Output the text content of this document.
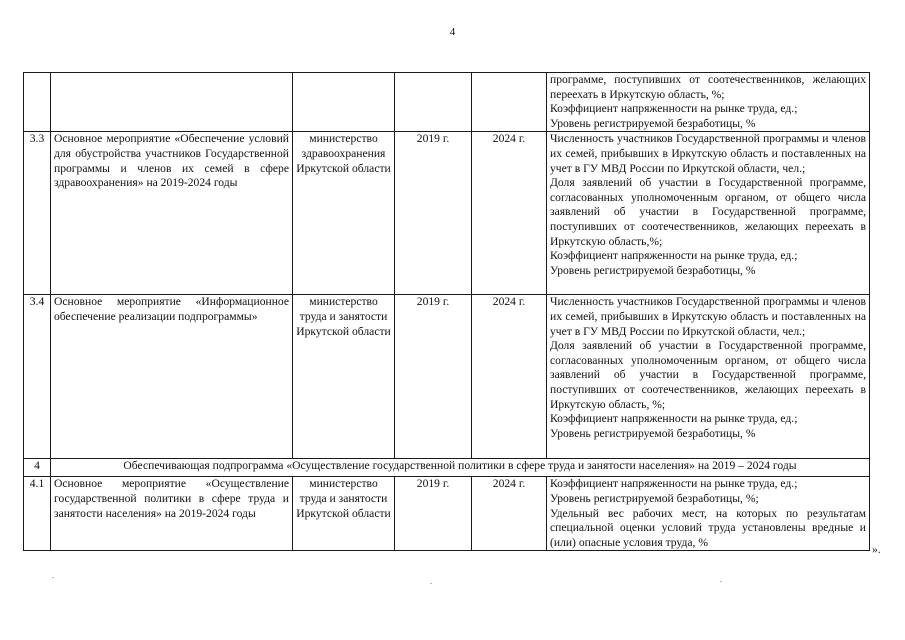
4

					программе, поступивших от соотечественников, желающих переехать в Иркутскую область, %;
Коэффициент напряженности на рынке труда, ед.;
Уровень регистрируемой безработицы, %

3.3	Основное мероприятие «Обеспечение условий для обустройства участников Государственной программы и членов их семей в сфере здравоохранения» на 2019-2024 годы	министерство здравоохранения Иркутской области	2019 г.	2024 г.	Численность участников Государственной программы и членов их семей, прибывших в Иркутскую область и поставленных на учет в ГУ МВД России по Иркутской области, чел.;
Доля заявлений об участии в Государственной программе, согласованных уполномоченным органом, от общего числа заявлений об участии в Государственной программе, поступивших от соотечественников, желающих переехать в Иркутскую область,%;
Коэффициент напряженности на рынке труда, ед.;
Уровень регистрируемой безработицы, %

3.4	Основное мероприятие «Информационное обеспечение реализации подпрограммы»	министерство труда и занятости Иркутской области	2019 г.	2024 г.	Численность участников Государственной программы и членов их семей, прибывших в Иркутскую область и поставленных на учет в ГУ МВД России по Иркутской области, чел.;
Доля заявлений об участии в Государственной программе, согласованных уполномоченным органом, от общего числа заявлений об участии в Государственной программе, поступивших от соотечественников, желающих переехать в Иркутскую область, %;
Коэффициент напряженности на рынке труда, ед.;
Уровень регистрируемой безработицы, %

4	Обеспечивающая подпрограмма «Осуществление государственной политики в сфере труда и занятости населения» на 2019 – 2024 годы				
4.1	Основное мероприятие «Осуществление государственной политики в сфере труда и занятости населения» на 2019-2024 годы	министерство труда и занятости Иркутской области	2019 г.	2024 г.	Коэффициент напряженности на рынке труда, ед.;
Уровень регистрируемой безработицы, %;
Удельный вес рабочих мест, на которых по результатам специальной оценки условий труда установлены вредные и (или) опасные условия труда, %
».
